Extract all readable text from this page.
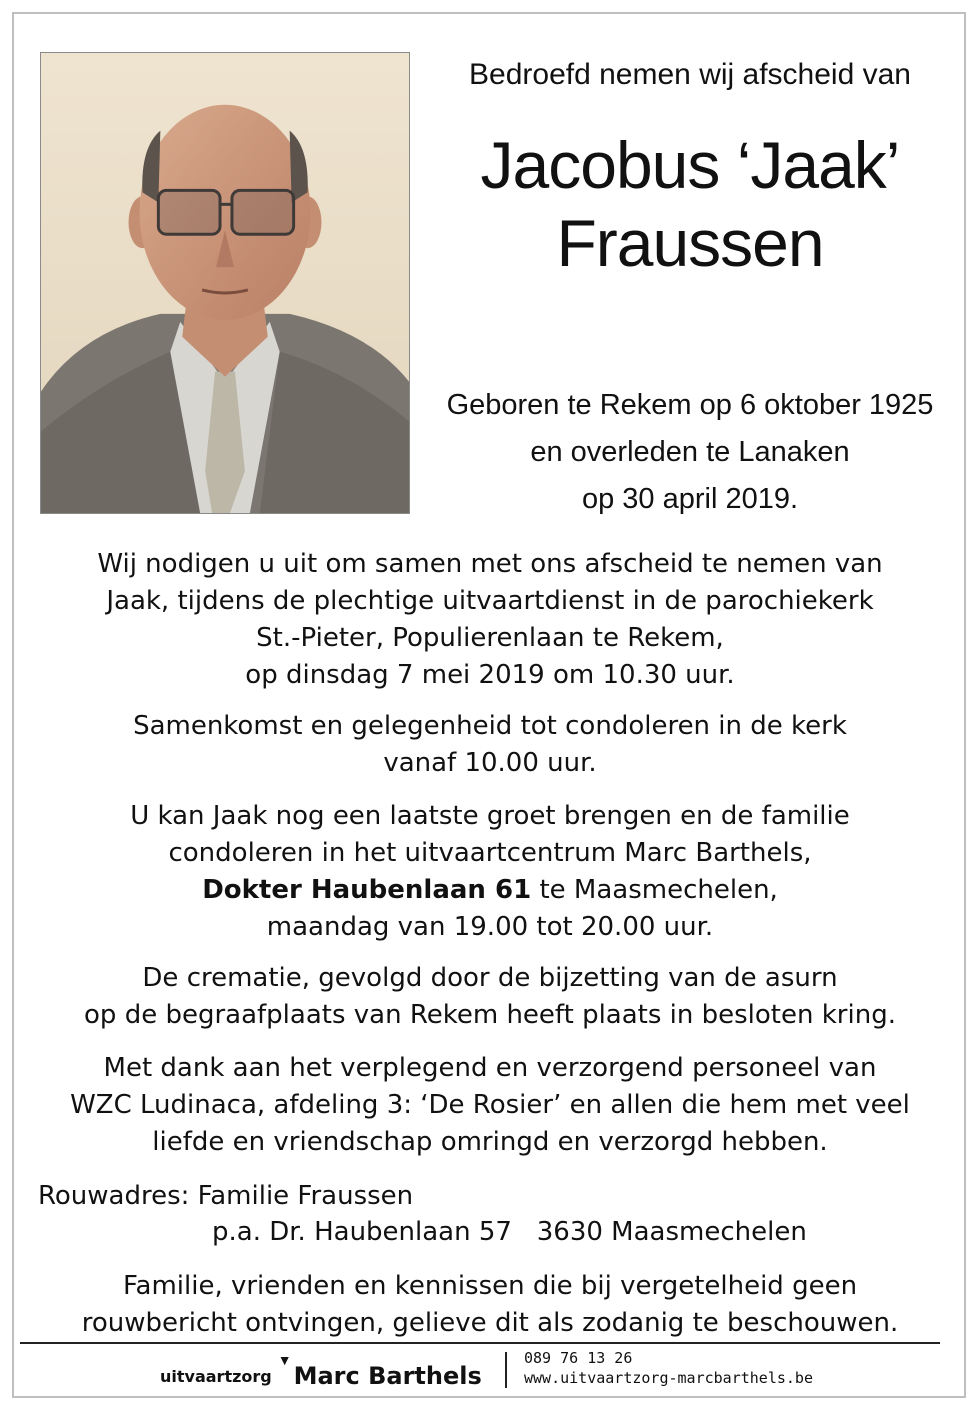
Bedroefd nemen wij afscheid van
Jacobus ‘Jaak’
Fraussen
Geboren te Rekem op 6 oktober 1925
en overleden te Lanaken
op 30 april 2019.
Wij nodigen u uit om samen met ons afscheid te nemen van
Jaak, tijdens de plechtige uitvaartdienst in de parochiekerk
St.-Pieter, Populierenlaan te Rekem,
op dinsdag 7 mei 2019 om 10.30 uur.
Samenkomst en gelegenheid tot condoleren in de kerk
vanaf 10.00 uur.
U kan Jaak nog een laatste groet brengen en de familie
condoleren in het uitvaartcentrum Marc Barthels,
Dokter Haubenlaan 61 te Maasmechelen,
maandag van 19.00 tot 20.00 uur.
De crematie, gevolgd door de bijzetting van de asurn
op de begraafplaats van Rekem heeft plaats in besloten kring.
Met dank aan het verplegend en verzorgend personeel van
WZC Ludinaca, afdeling 3: ‘De Rosier’ en allen die hem met veel
liefde en vriendschap omringd en verzorgd hebben.
Rouwadres: Familie Fraussen
p.a. Dr. Haubenlaan 57   3630 Maasmechelen
Familie, vrienden en kennissen die bij vergetelheid geen
rouwbericht ontvingen, gelieve dit als zodanig te beschouwen.
uitvaartzorg
▼
Marc Barthels
089 76 13 26
www.uitvaartzorg-marcbarthels.be
